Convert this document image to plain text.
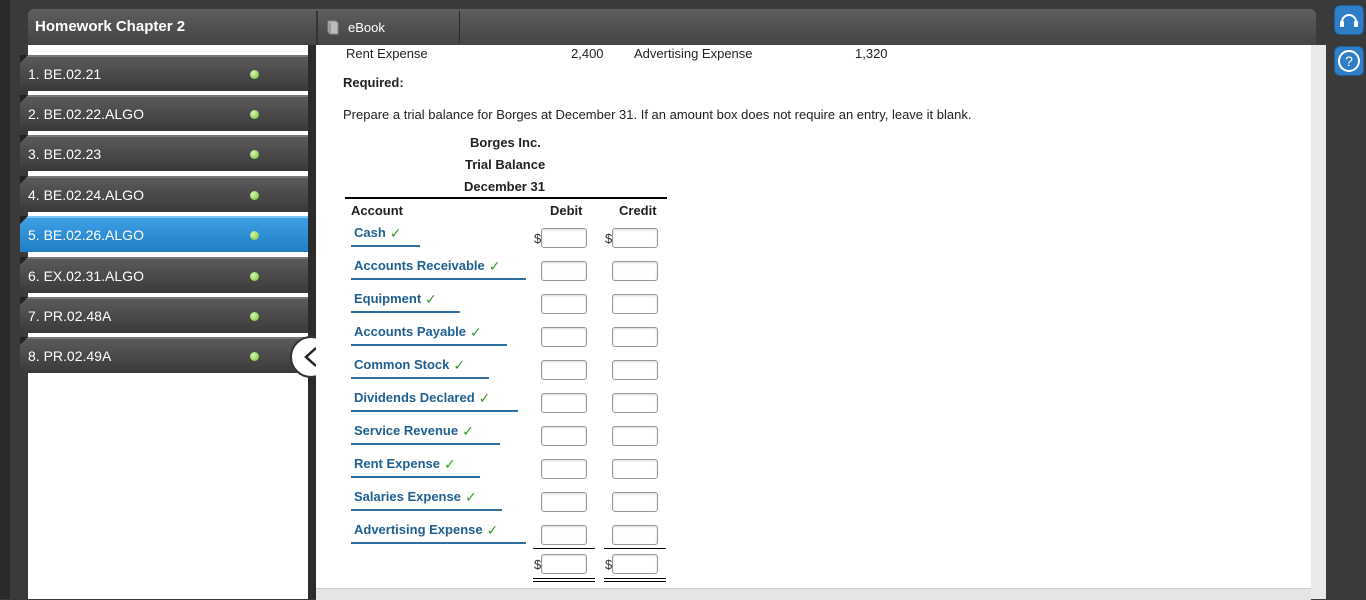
Homework Chapter 2	eBook
1. BE.02.21
2. BE.02.22.ALGO
3. BE.02.23
4. BE.02.24.ALGO
5. BE.02.26.ALGO
6. EX.02.31.ALGO
7. PR.02.48A
8. PR.02.49A
Rent Expense	2,400 Advertising Expense	1,320
Required:
Prepare a trial balance for Borges at December 31. If an amount box does not require an entry, leave it blank.
Borges Inc.
Trial Balance
December 31
Account	Debit	Credit
Cash ✓	$	$
Accounts Receivable ✓
Equipment ✓
Accounts Payable ✓
Common Stock ✓
Dividends Declared ✓
Service Revenue ✓
Rent Expense ✓
Salaries Expense ✓
Advertising Expense ✓
$	$
?
